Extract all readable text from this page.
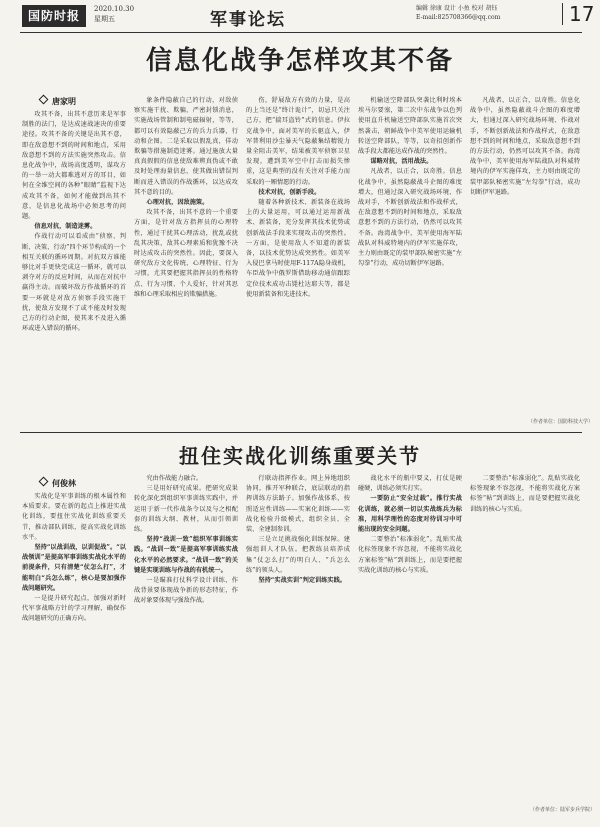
国防时报	2020.10.30
星期五	军事论坛
编辑 徐康 设计 小鱼 校对 胡钰
E-mail:825708366@qq.com	17
信息化战争怎样攻其不备
唐家明

攻其不备，出其不意历来是军事制胜的法门，是达成速战速决的重要途径。攻其不备的关键是出其不意，即在敌意想不到的时间和地点，采用敌意想不到的方法实施突然攻击。信息化战争中，战场高度透明，谋攻方的一举一动大都难逃对方的耳目，如何在全维空间的各种“眼睛”监视下达成攻其不备，如何才能做到出其不意，是信息化战场中必须思考的问题。

信息对抗，制造迷雾。

作战行动可以看成由“侦察、判断、决策、行动”四个环节构成的一个相互关联的循环周期。对抗双方谁能够比对手更快完成这一循环，就可以剥夺对方的反应时间，从而在对抗中赢得主动。而破坏敌方作战循环的首要一环就是对敌方侦察手段实施干扰，使敌方发现不了或不能及时发现己方的行动企图，使其来不及进入循环或进入错误的循环。

象条件隐蔽自己的行动，对敌侦察实施干扰、欺骗，严密封锁消息，实施战场管制和制电磁辐射，等等，都可以有效隐蔽己方的兵力兵器，行动和企图。二是采取以假乱真，佯动欺骗等措施制造迷雾。通过施放大量真真假假的信息使敌难辨真伪或不敢及时处理海量信息，使其做出错误判断而进入错误的作战循环，以达成攻其不意的目的。

心理对抗，因敌施策。

攻其不备，出其不意的一个重要方面，是针对敌方指挥员的心理特性，通过干扰其心理活动，扰乱或扰乱其决策，敌其心理素质和犹豫不决时达成攻击的突然性。因此，要深入研究敌方文化传统、心理特征、行为习惯，尤其要把握其指挥员的性格特点、行为习惯、个人爱好，针对其思维和心理采取相应的欺骗措施。

伤，舒展敌方有效的力量，是高的上当还是“终计诡计”，切忌只关注己方，把“揣耳盗铃”式的信息。伊拉克战争中，面对美军的长驱直入，伊军普利用沙尘暴天气隐蔽集结精锐力量全阻击美军，结果被美军侦察卫星发现，遭到美军空中打击而损失惨重，这是典型的没有关注对手能力而采取的一厢情愿的行动。

技术对抗，创新手段。

随着各种新技术、新装备在战场上的大量运用，可以通过运用新战术、新装备，充分发挥其技术优势或创新战法手段来实现攻击的突然性。一方面，是使用敌人不知道的新装备，以技术优势达成突然性。如美军入侵巴拿马时使用F-117A隐身战机，车臣战争中俄罗斯借助移动通信跟踪定位技术成功击毙杜达耶夫等，都是使用新装备和先进技术。

机输送空降部队突袭比利时埃本埃马尔要塞，第二次中东战争以色列使用直升机输送空降部队实施首次突然袭击，朝鲜战争中美军使用运输机转送空降部队，等等，以奇招创新作战手段大都能达成作战的突然性。

谋略对抗，活用战法。

凡战者，以正合，以奇胜。信息化战争中，虽然隐蔽战斗企图的难度增大，但通过深入研究战场环境、作战对手，不断创新战法和作战样式，在敌意想不到的时间和地点，采取敌意想不到的方法行动，仍然可以攻其不备。海湾战争中，美军使用海军陆战队对科威特境内的伊军实施佯攻，主力则由既定的装甲部队秘密实施“左勾拳”行动，成功切断伊军退路。

凡战者，以正合，以奇胜。信息化战争中，虽然隐蔽战斗企图的难度增大，但通过深入研究战场环境、作战对手，不断创新战法和作战样式，在敌意想不到的时间和地点，采取敌意想不到的方法行动，仍然可以攻其不备。海湾战争中，美军使用海军陆战队对科威特境内的伊军实施佯攻，主力则由既定的装甲部队秘密实施“左勾拳”行动，成功切断伊军退路。

（作者单位：国防科技大学）
扭住实战化训练重要关节
何俊林

实战化是军事训练的根本属性和本质要求。要在新的起点上推进实战化训练，要扭住实战化训练重要关节，推动部队训练，提高实战化训练水平。

坚持“以战训战，以训促战”。“以战领训”是提高军事训练实战化水平的前提条件，只有清楚“仗怎么打”，才能明白“兵怎么练”，核心是要加强作战问题研究。

一是提升研究起点，加强对新时代军事战略方针的学习理解，确保作战问题研究的正确方向。

究由作战能力融合。

三是用好研究成果。把研究成果转化深化到组织军事训练实践中，并运用于新一代作战条令以及与之相配套的训练大纲、教材，从而引领训练。

坚持“战训一致”组织军事训练实践。“战训一致”是提高军事训练实战化水平的必然要求。“战训一致”的关键是实现训练与作战的有机统一。

一是瞄准打仗科学设计训练，作战背景要体现战争新的形态特征，作战对象要体现与强敌作战。

行联动指挥作业。网上异地组织协同，推开军种联合，底层联动的指挥训练方法路子。加强作战体系，按照适应性训练——实案化训练——实战化检验升级模式，组织全员、全装、全建制参训。

三是立足挑战强化训练保障。建强组训人才队伍。把教练员培养成集“仗怎么打”的明白人、“兵怎么练”的领头人。

坚持“实战实训”判定训练实践。

战化水平的瓶中要义，打仗是硬碰硬，训练必须实打实。

一要防止“安全过载”。推行实战化训练，就必须一切以实战练兵为标准，用科学理性的态度对待训习中可能出现的安全问题。

二要整治“标准弱化”。乱贴实战化标签现象不容忽视，不能将实战化方案标签“帖”到训练上，而是要把握实战化训练的核心与实质。

二要整治“标准弱化”。乱贴实战化标签现象不容忽视，不能将实战化方案标签“帖”到训练上，而是要把握实战化训练的核心与实质。

（作者单位：陆军步兵学院）
